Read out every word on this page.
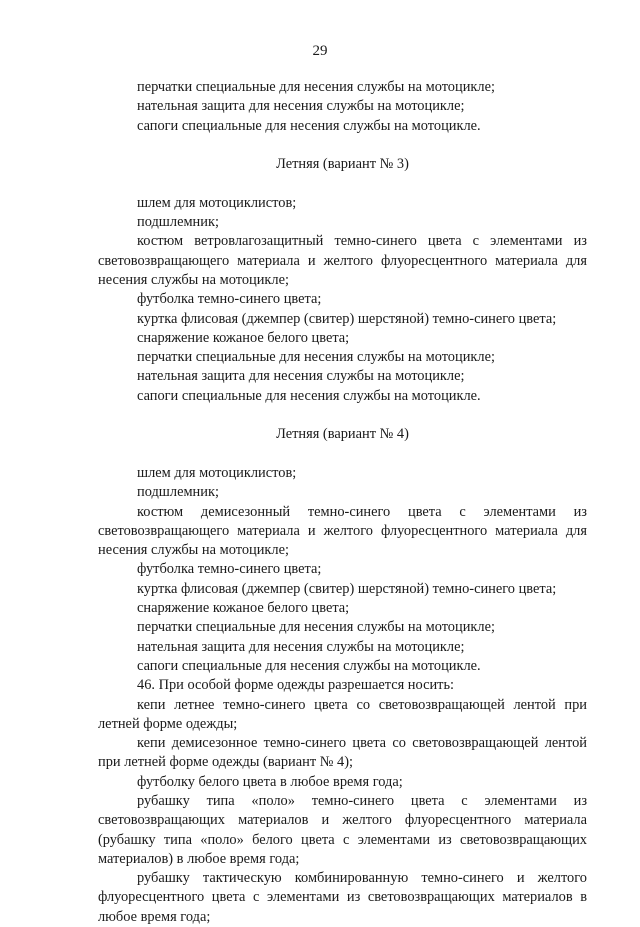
29

перчатки специальные для несения службы на мотоцикле;

нательная защита для несения службы на мотоцикле;

сапоги специальные для несения службы на мотоцикле.

Летняя (вариант № 3)

шлем для мотоциклистов;

подшлемник;

костюм ветровлагозащитный темно-синего цвета с элементами из световозвращающего материала и желтого флуоресцентного материала для несения службы на мотоцикле;

футболка темно-синего цвета;

куртка флисовая (джемпер (свитер) шерстяной) темно-синего цвета;

снаряжение кожаное белого цвета;

перчатки специальные для несения службы на мотоцикле;

нательная защита для несения службы на мотоцикле;

сапоги специальные для несения службы на мотоцикле.

Летняя (вариант № 4)

шлем для мотоциклистов;

подшлемник;

костюм демисезонный темно-синего цвета с элементами из световозвращающего материала и желтого флуоресцентного материала для несения службы на мотоцикле;

футболка темно-синего цвета;

куртка флисовая (джемпер (свитер) шерстяной) темно-синего цвета;

снаряжение кожаное белого цвета;

перчатки специальные для несения службы на мотоцикле;

нательная защита для несения службы на мотоцикле;

сапоги специальные для несения службы на мотоцикле.

46. При особой форме одежды разрешается носить:

кепи летнее темно-синего цвета со световозвращающей лентой при летней форме одежды;

кепи демисезонное темно-синего цвета со световозвращающей лентой при летней форме одежды (вариант № 4);

футболку белого цвета в любое время года;

рубашку типа «поло» темно-синего цвета с элементами из световозвращающих материалов и желтого флуоресцентного материала (рубашку типа «поло» белого цвета с элементами из световозвращающих материалов) в любое время года;

рубашку тактическую комбинированную темно-синего и желтого флуоресцентного цвета с элементами из световозвращающих материалов в любое время года;
